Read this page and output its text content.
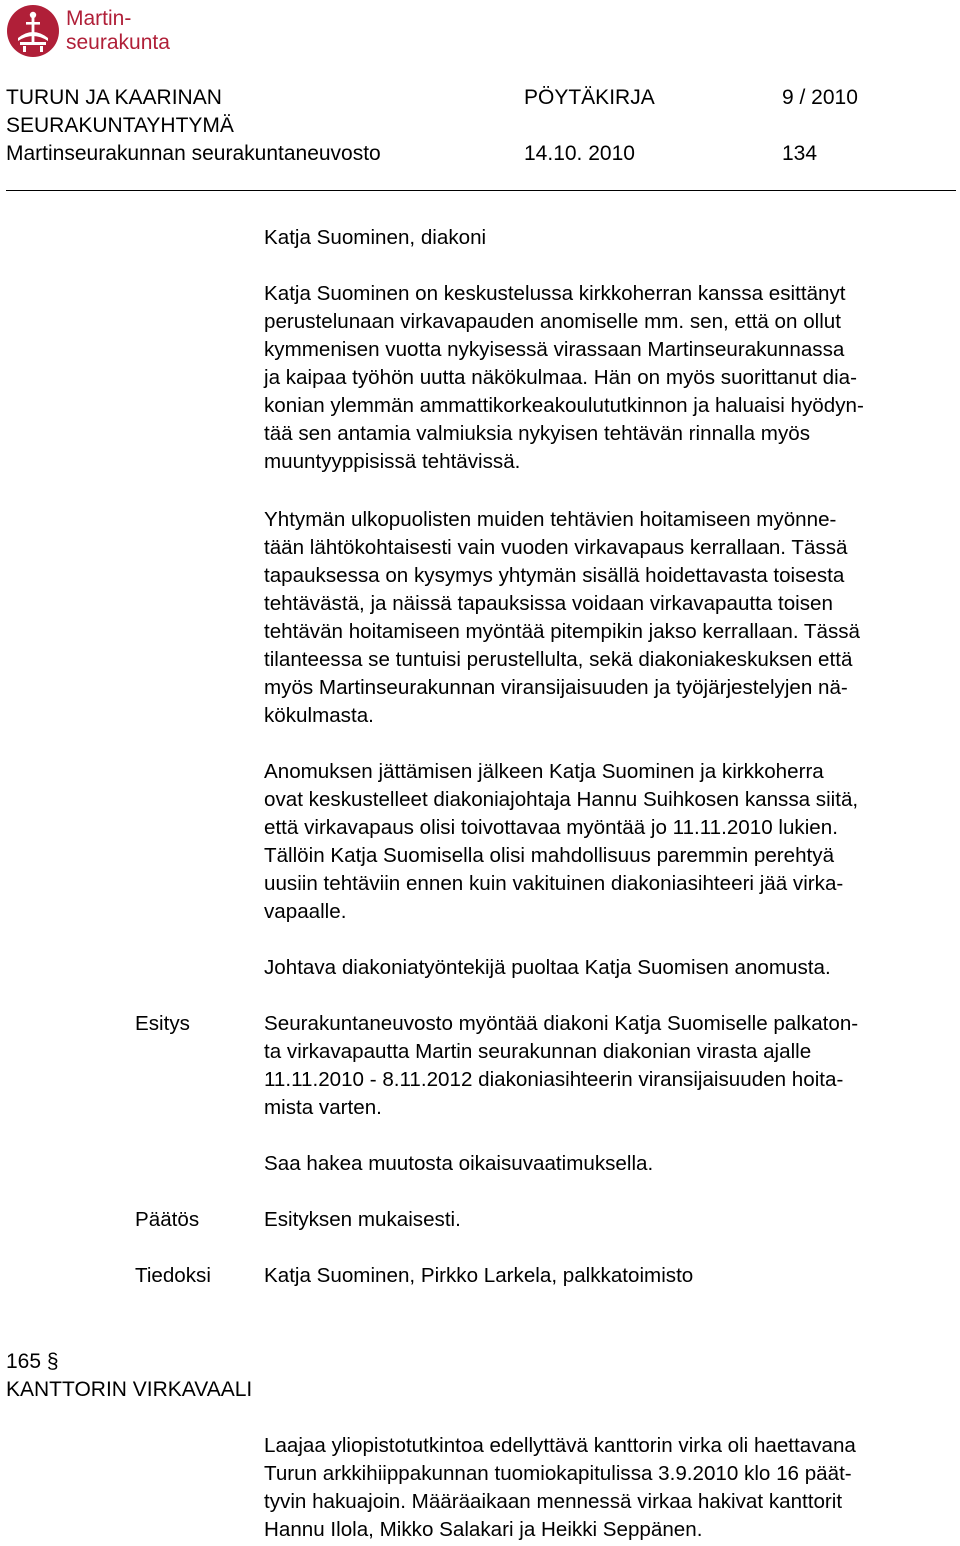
Martin-
seurakunta
TURUN JA KAARINAN
SEURAKUNTAYHTYMÄ
Martinseurakunnan seurakuntaneuvosto
PÖYTÄKIRJA	9 / 2010
14.10. 2010	134

Katja Suominen, diakoni

Katja Suominen on keskustelussa kirkkoherran kanssa esittänyt
perustelunaan virkavapauden anomiselle mm. sen, että on ollut
kymmenisen vuotta nykyisessä virassaan Martinseurakunnassa
ja kaipaa työhön uutta näkökulmaa. Hän on myös suorittanut dia-
konian ylemmän ammattikorkeakoulututkinnon ja haluaisi hyödyn-
tää sen antamia valmiuksia nykyisen tehtävän rinnalla myös
muuntyyppisissä tehtävissä.

Yhtymän ulkopuolisten muiden tehtävien hoitamiseen myönne-
tään lähtökohtaisesti vain vuoden virkavapaus kerrallaan. Tässä
tapauksessa on kysymys yhtymän sisällä hoidettavasta toisesta
tehtävästä, ja näissä tapauksissa voidaan virkavapautta toisen
tehtävän hoitamiseen myöntää pitempikin jakso kerrallaan. Tässä
tilanteessa se tuntuisi perustellulta, sekä diakoniakeskuksen että
myös Martinseurakunnan viransijaisuuden ja työjärjestelyjen nä-
kökulmasta.

Anomuksen jättämisen jälkeen Katja Suominen ja kirkkoherra
ovat keskustelleet diakoniajohtaja Hannu Suihkosen kanssa siitä,
että virkavapaus olisi toivottavaa myöntää jo 11.11.2010 lukien.
Tällöin Katja Suomisella olisi mahdollisuus paremmin perehtyä
uusiin tehtäviin ennen kuin vakituinen diakoniasihteeri jää virka-
vapaalle.

Johtava diakoniatyöntekijä puoltaa Katja Suomisen anomusta.

Esitys	Seurakuntaneuvosto myöntää diakoni Katja Suomiselle palkaton-
ta virkavapautta Martin seurakunnan diakonian virasta ajalle
11.11.2010 - 8.11.2012 diakoniasihteerin viransijaisuuden hoita-
mista varten.

Saa hakea muutosta oikaisuvaatimuksella.

Päätös	Esityksen mukaisesti.

Tiedoksi	Katja Suominen, Pirkko Larkela, palkkatoimisto

165 §
KANTTORIN VIRKAVAALI

Laajaa yliopistotutkintoa edellyttävä kanttorin virka oli haettavana
Turun arkkihiippakunnan tuomiokapitulissa 3.9.2010 klo 16 päät-
tyvin hakuajoin. Määräaikaan mennessä virkaa hakivat kanttorit
Hannu Ilola, Mikko Salakari ja Heikki Seppänen.
